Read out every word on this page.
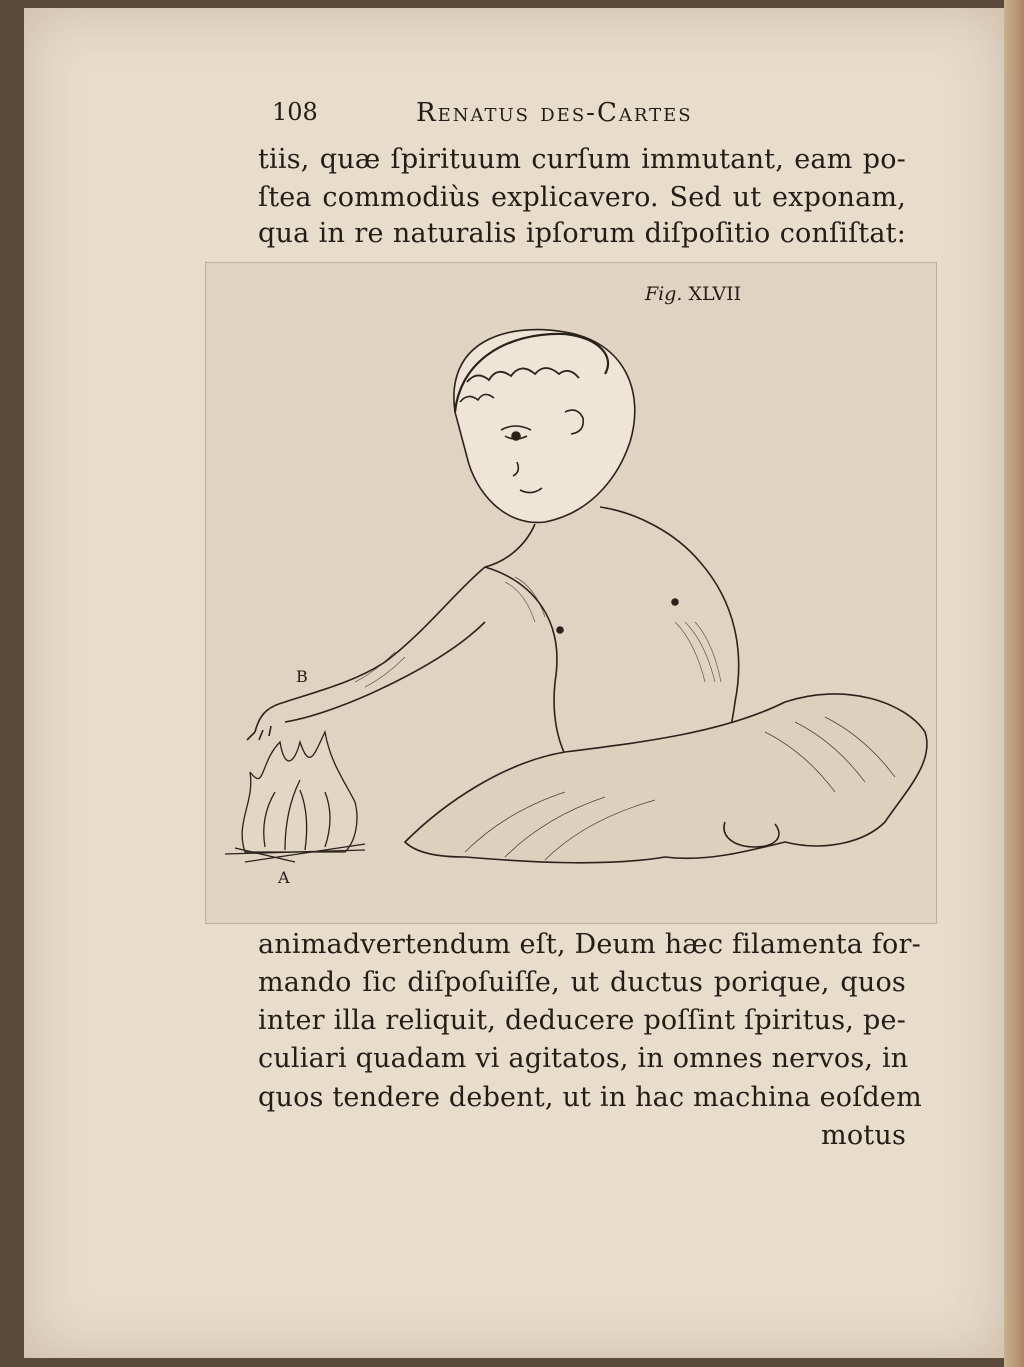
108	Renatus des-Cartes
tiis, quæ ſpirituum curſum immutant, eam po-
ſtea commodiùs explicavero. Sed ut exponam,
qua in re naturalis ipſorum diſpoſitio conſiſtat:
Fig. XLVII
B
A
animadvertendum eſt, Deum hæc filamenta for-
mando ſic diſpoſuiſſe, ut ductus porique, quos
inter illa reliquit, deducere poſſint ſpiritus, pe-
culiari quadam vi agitatos, in omnes nervos, in
quos tendere debent, ut in hac machina eoſdem
motus
